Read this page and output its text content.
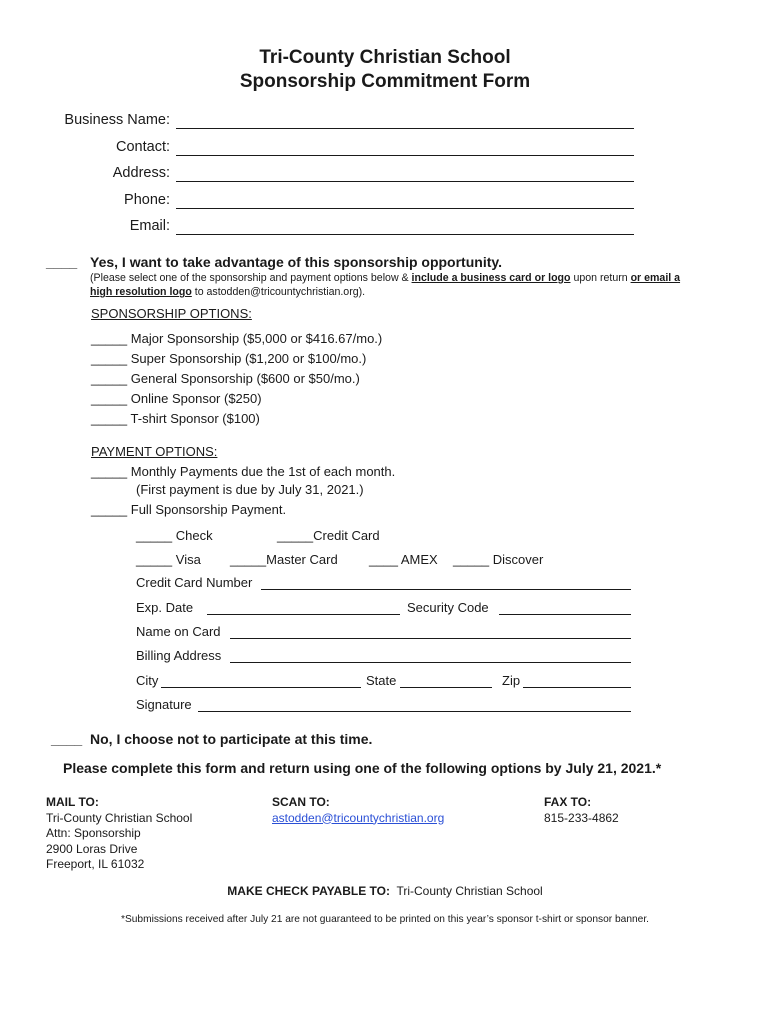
Tri-County Christian School
Sponsorship Commitment Form
Business Name:
Contact:
Address:
Phone:
Email:
____ Yes, I want to take advantage of this sponsorship opportunity.
(Please select one of the sponsorship and payment options below & include a business card or logo upon return or email a
high resolution logo to astodden@tricountychristian.org).
SPONSORSHIP OPTIONS:
_____ Major Sponsorship ($5,000 or $416.67/mo.)
_____ Super Sponsorship ($1,200 or $100/mo.)
_____ General Sponsorship ($600 or $50/mo.)
_____ Online Sponsor ($250)
_____ T-shirt Sponsor ($100)
PAYMENT OPTIONS:
_____ Monthly Payments due the 1st of each month.
(First payment is due by July 31, 2021.)
_____ Full Sponsorship Payment.
_____ Check	_____Credit Card
_____ Visa _____Master Card ____ AMEX _____ Discover
Credit Card Number
Exp. Date	Security Code
Name on Card
Billing Address
City	State	Zip
Signature
____ No, I choose not to participate at this time.
Please complete this form and return using one of the following options by July 21, 2021.*
MAIL TO:
Tri-County Christian School
Attn: Sponsorship
2900 Loras Drive
Freeport, IL 61032
SCAN TO:
astodden@tricountychristian.org
FAX TO:
815-233-4862
MAKE CHECK PAYABLE TO: Tri-County Christian School
*Submissions received after July 21 are not guaranteed to be printed on this year’s sponsor t-shirt or sponsor banner.
